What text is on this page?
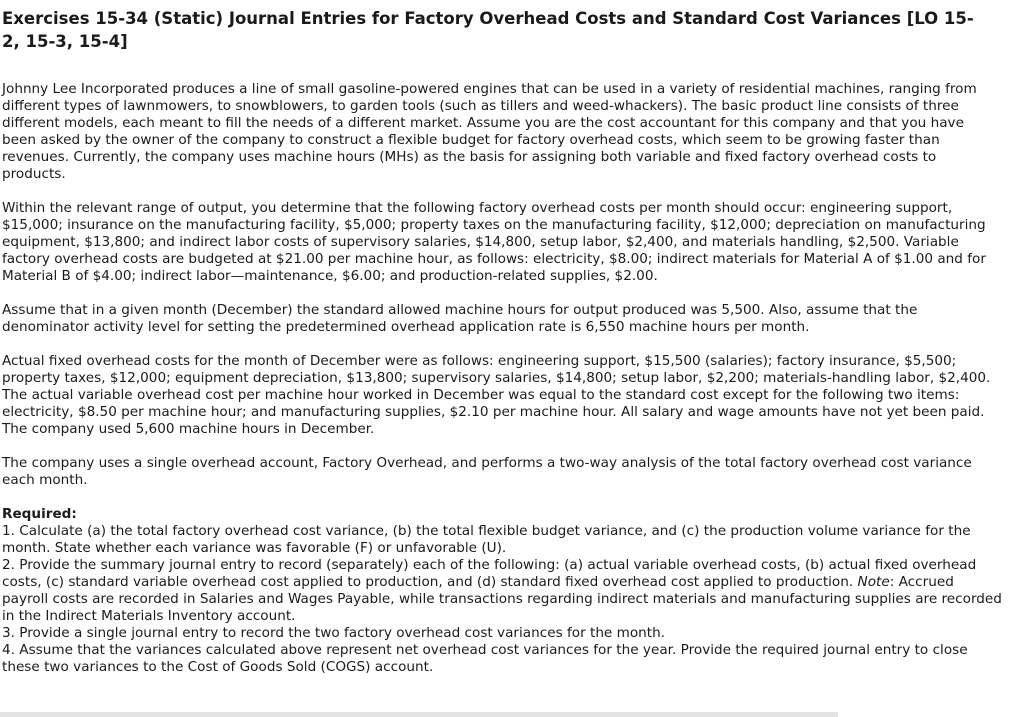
Exercises 15-34 (Static) Journal Entries for Factory Overhead Costs and Standard Cost Variances [LO 15-2, 15-3, 15-4]

Johnny Lee Incorporated produces a line of small gasoline-powered engines that can be used in a variety of residential machines, ranging from different types of lawnmowers, to snowblowers, to garden tools (such as tillers and weed-whackers). The basic product line consists of three different models, each meant to fill the needs of a different market. Assume you are the cost accountant for this company and that you have been asked by the owner of the company to construct a flexible budget for factory overhead costs, which seem to be growing faster than revenues. Currently, the company uses machine hours (MHs) as the basis for assigning both variable and fixed factory overhead costs to products.

Within the relevant range of output, you determine that the following factory overhead costs per month should occur: engineering support, $15,000; insurance on the manufacturing facility, $5,000; property taxes on the manufacturing facility, $12,000; depreciation on manufacturing equipment, $13,800; and indirect labor costs of supervisory salaries, $14,800, setup labor, $2,400, and materials handling, $2,500. Variable factory overhead costs are budgeted at $21.00 per machine hour, as follows: electricity, $8.00; indirect materials for Material A of $1.00 and for Material B of $4.00; indirect labor—maintenance, $6.00; and production-related supplies, $2.00.

Assume that in a given month (December) the standard allowed machine hours for output produced was 5,500. Also, assume that the denominator activity level for setting the predetermined overhead application rate is 6,550 machine hours per month.

Actual fixed overhead costs for the month of December were as follows: engineering support, $15,500 (salaries); factory insurance, $5,500; property taxes, $12,000; equipment depreciation, $13,800; supervisory salaries, $14,800; setup labor, $2,200; materials-handling labor, $2,400. The actual variable overhead cost per machine hour worked in December was equal to the standard cost except for the following two items: electricity, $8.50 per machine hour; and manufacturing supplies, $2.10 per machine hour. All salary and wage amounts have not yet been paid. The company used 5,600 machine hours in December.

The company uses a single overhead account, Factory Overhead, and performs a two-way analysis of the total factory overhead cost variance each month.

Required:

1. Calculate (a) the total factory overhead cost variance, (b) the total flexible budget variance, and (c) the production volume variance for the month. State whether each variance was favorable (F) or unfavorable (U).

2. Provide the summary journal entry to record (separately) each of the following: (a) actual variable overhead costs, (b) actual fixed overhead costs, (c) standard variable overhead cost applied to production, and (d) standard fixed overhead cost applied to production. Note: Accrued payroll costs are recorded in Salaries and Wages Payable, while transactions regarding indirect materials and manufacturing supplies are recorded in the Indirect Materials Inventory account.

3. Provide a single journal entry to record the two factory overhead cost variances for the month.

4. Assume that the variances calculated above represent net overhead cost variances for the year. Provide the required journal entry to close these two variances to the Cost of Goods Sold (COGS) account.
